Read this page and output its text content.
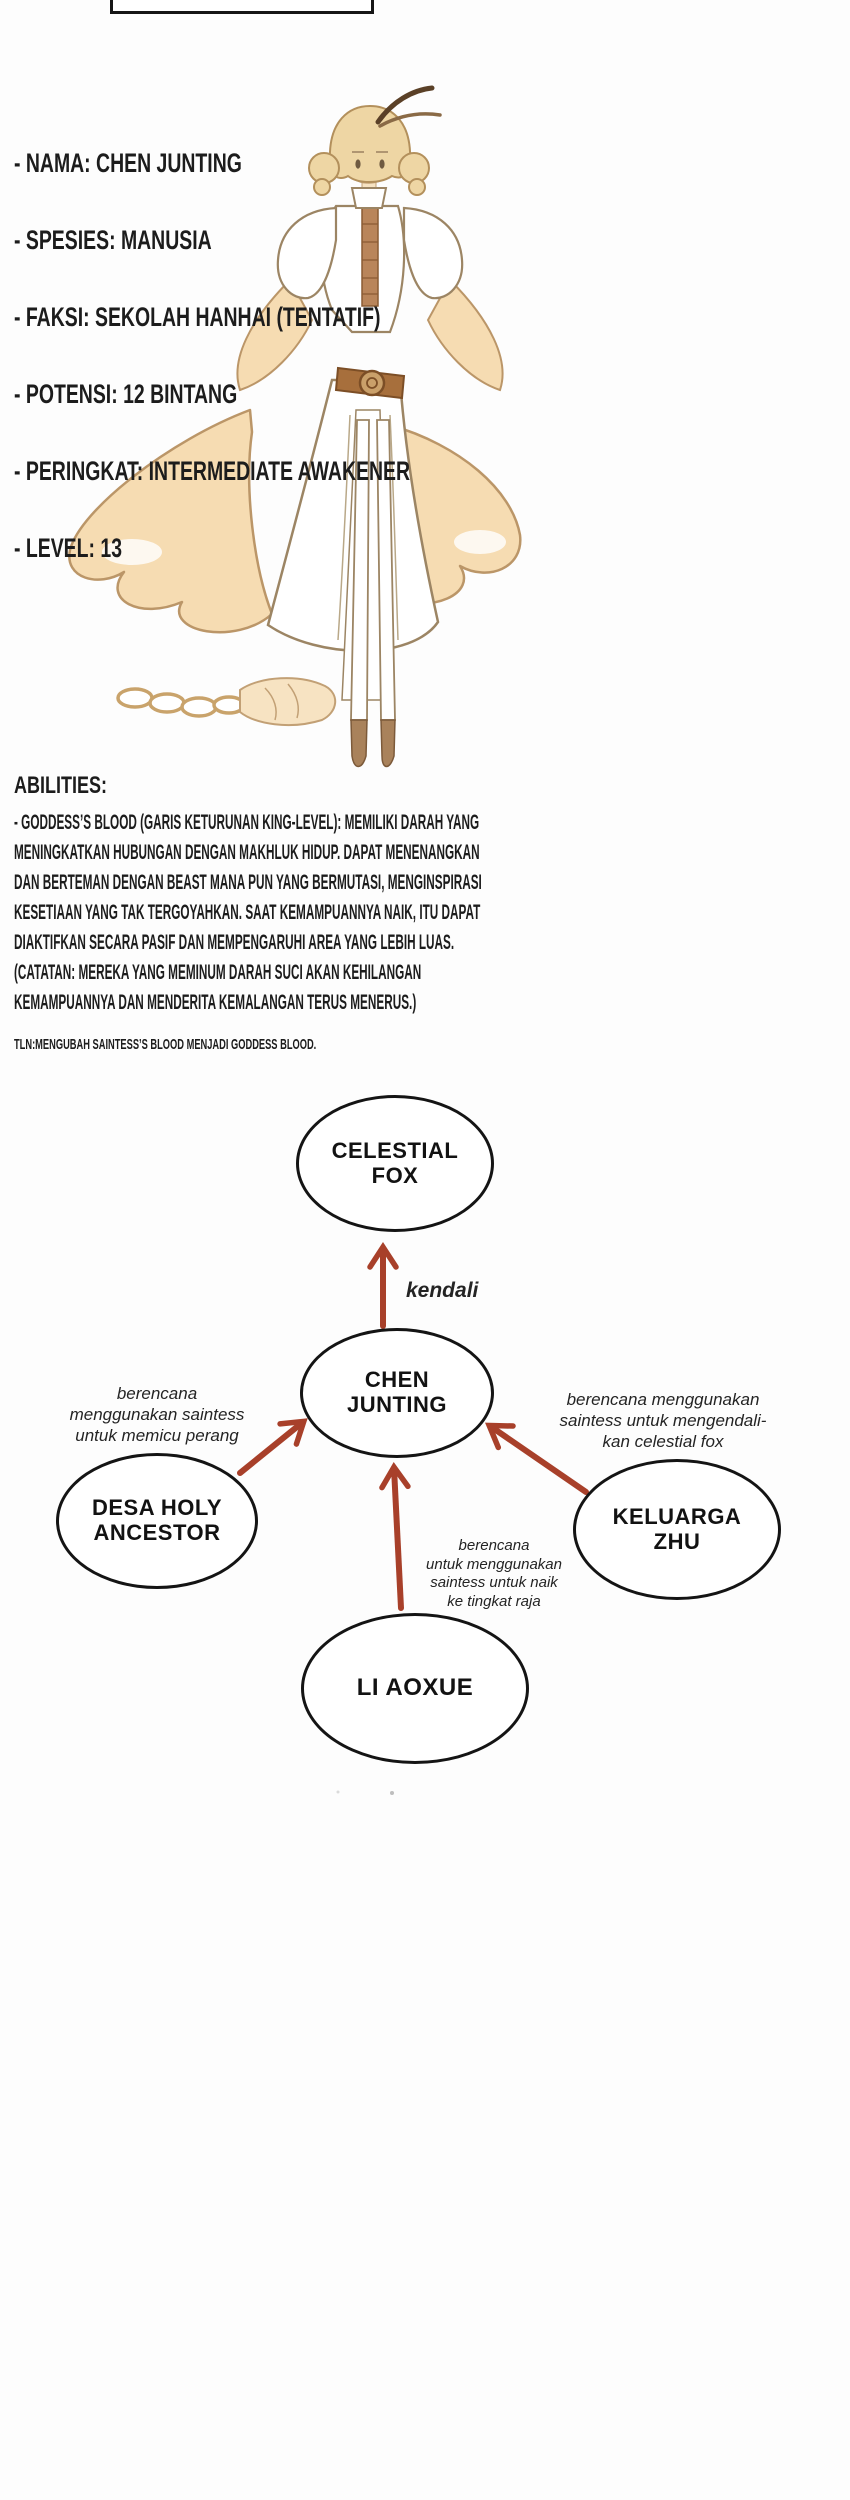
- NAMA: CHEN JUNTING
- SPESIES: MANUSIA
- FAKSI: SEKOLAH HANHAI (TENTATIF)
- POTENSI: 12 BINTANG
- PERINGKAT: INTERMEDIATE AWAKENER
- LEVEL: 13
ABILITIES:
- GODDESS’S BLOOD (GARIS KETURUNAN KING-LEVEL): MEMILIKI DARAH YANG
MENINGKATKAN HUBUNGAN DENGAN MAKHLUK HIDUP. DAPAT MENENANGKAN
DAN BERTEMAN DENGAN BEAST MANA PUN YANG BERMUTASI, MENGINSPIRASI
KESETIAAN YANG TAK TERGOYAHKAN. SAAT KEMAMPUANNYA NAIK, ITU DAPAT
DIAKTIFKAN SECARA PASIF DAN MEMPENGARUHI AREA YANG LEBIH LUAS.
(CATATAN: MEREKA YANG MEMINUM DARAH SUCI AKAN KEHILANGAN
KEMAMPUANNYA DAN MENDERITA KEMALANGAN TERUS MENERUS.)
TLN:MENGUBAH SAINTESS’S BLOOD MENJADI GODDESS BLOOD.
CELESTIAL
FOX
CHEN
JUNTING
DESA HOLY
ANCESTOR
KELUARGA
ZHU
LI AOXUE
kendali
berencana
menggunakan saintess
untuk memicu perang
berencana menggunakan
saintess untuk mengendali-
kan celestial fox
berencana
untuk menggunakan
saintess untuk naik
ke tingkat raja
